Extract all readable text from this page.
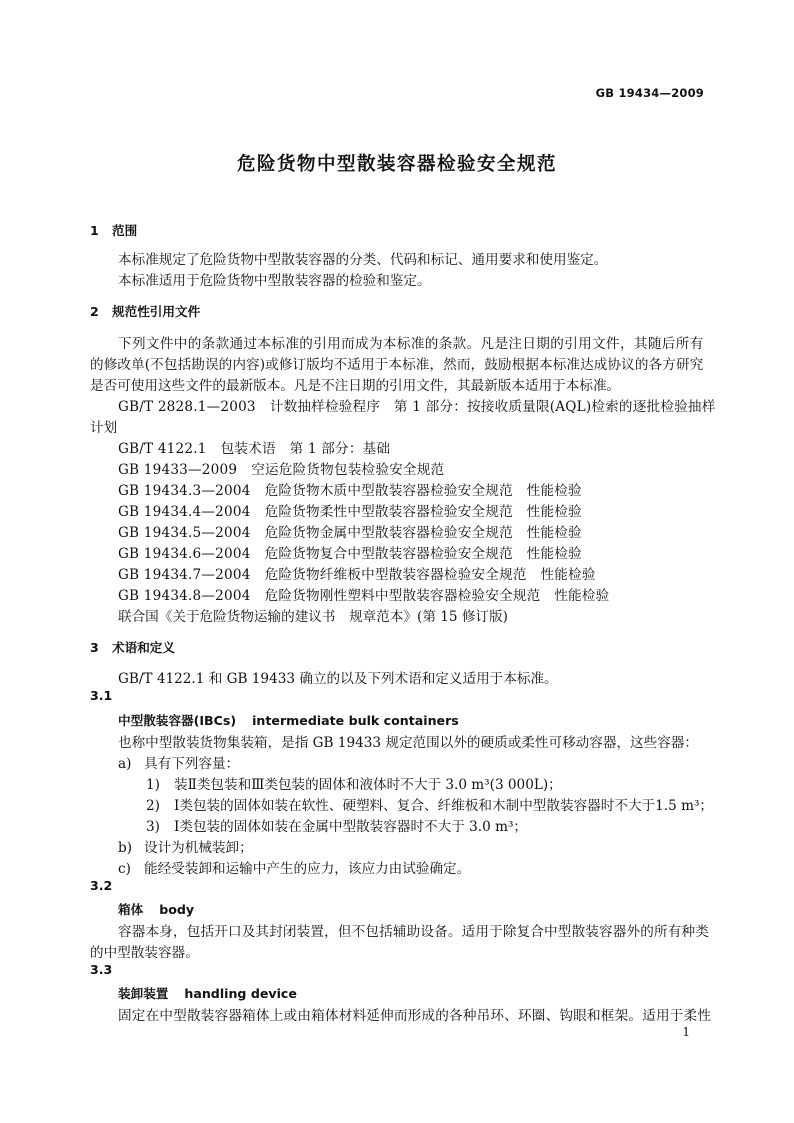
GB 19434—2009
危险货物中型散装容器检验安全规范
1 范围
本标准规定了危险货物中型散装容器的分类、代码和标记、通用要求和使用鉴定。
本标准适用于危险货物中型散装容器的检验和鉴定。
2 规范性引用文件
下列文件中的条款通过本标准的引用而成为本标准的条款。凡是注日期的引用文件，其随后所有
的修改单(不包括勘误的内容)或修订版均不适用于本标准，然而，鼓励根据本标准达成协议的各方研究
是否可使用这些文件的最新版本。凡是不注日期的引用文件，其最新版本适用于本标准。
GB/T 2828.1—2003 计数抽样检验程序　第 1 部分：按接收质量限(AQL)检索的逐批检验抽样
计划
GB/T 4122.1 包装术语　第 1 部分：基础
GB 19433—2009 空运危险货物包装检验安全规范
GB 19434.3—2004 危险货物木质中型散装容器检验安全规范　性能检验
GB 19434.4—2004 危险货物柔性中型散装容器检验安全规范　性能检验
GB 19434.5—2004 危险货物金属中型散装容器检验安全规范　性能检验
GB 19434.6—2004 危险货物复合中型散装容器检验安全规范　性能检验
GB 19434.7—2004 危险货物纤维板中型散装容器检验安全规范　性能检验
GB 19434.8—2004 危险货物刚性塑料中型散装容器检验安全规范　性能检验
联合国《关于危险货物运输的建议书　规章范本》(第 15 修订版)
3 术语和定义
GB/T 4122.1 和 GB 19433 确立的以及下列术语和定义适用于本标准。
3.1
中型散装容器(IBCs) intermediate bulk containers
也称中型散装货物集装箱，是指 GB 19433 规定范围以外的硬质或柔性可移动容器，这些容器：
a) 具有下列容量：
1) 装Ⅱ类包装和Ⅲ类包装的固体和液体时不大于 3.0 m³(3 000L)；
2) Ⅰ类包装的固体如装在软性、硬塑料、复合、纤维板和木制中型散装容器时不大于1.5 m³；
3) Ⅰ类包装的固体如装在金属中型散装容器时不大于 3.0 m³；
b) 设计为机械装卸；
c) 能经受装卸和运输中产生的应力，该应力由试验确定。
3.2
箱体 body
容器本身，包括开口及其封闭装置，但不包括辅助设备。适用于除复合中型散装容器外的所有种类
的中型散装容器。
3.3
装卸装置 handling device
固定在中型散装容器箱体上或由箱体材料延伸而形成的各种吊环、环圈、钩眼和框架。适用于柔性
1
